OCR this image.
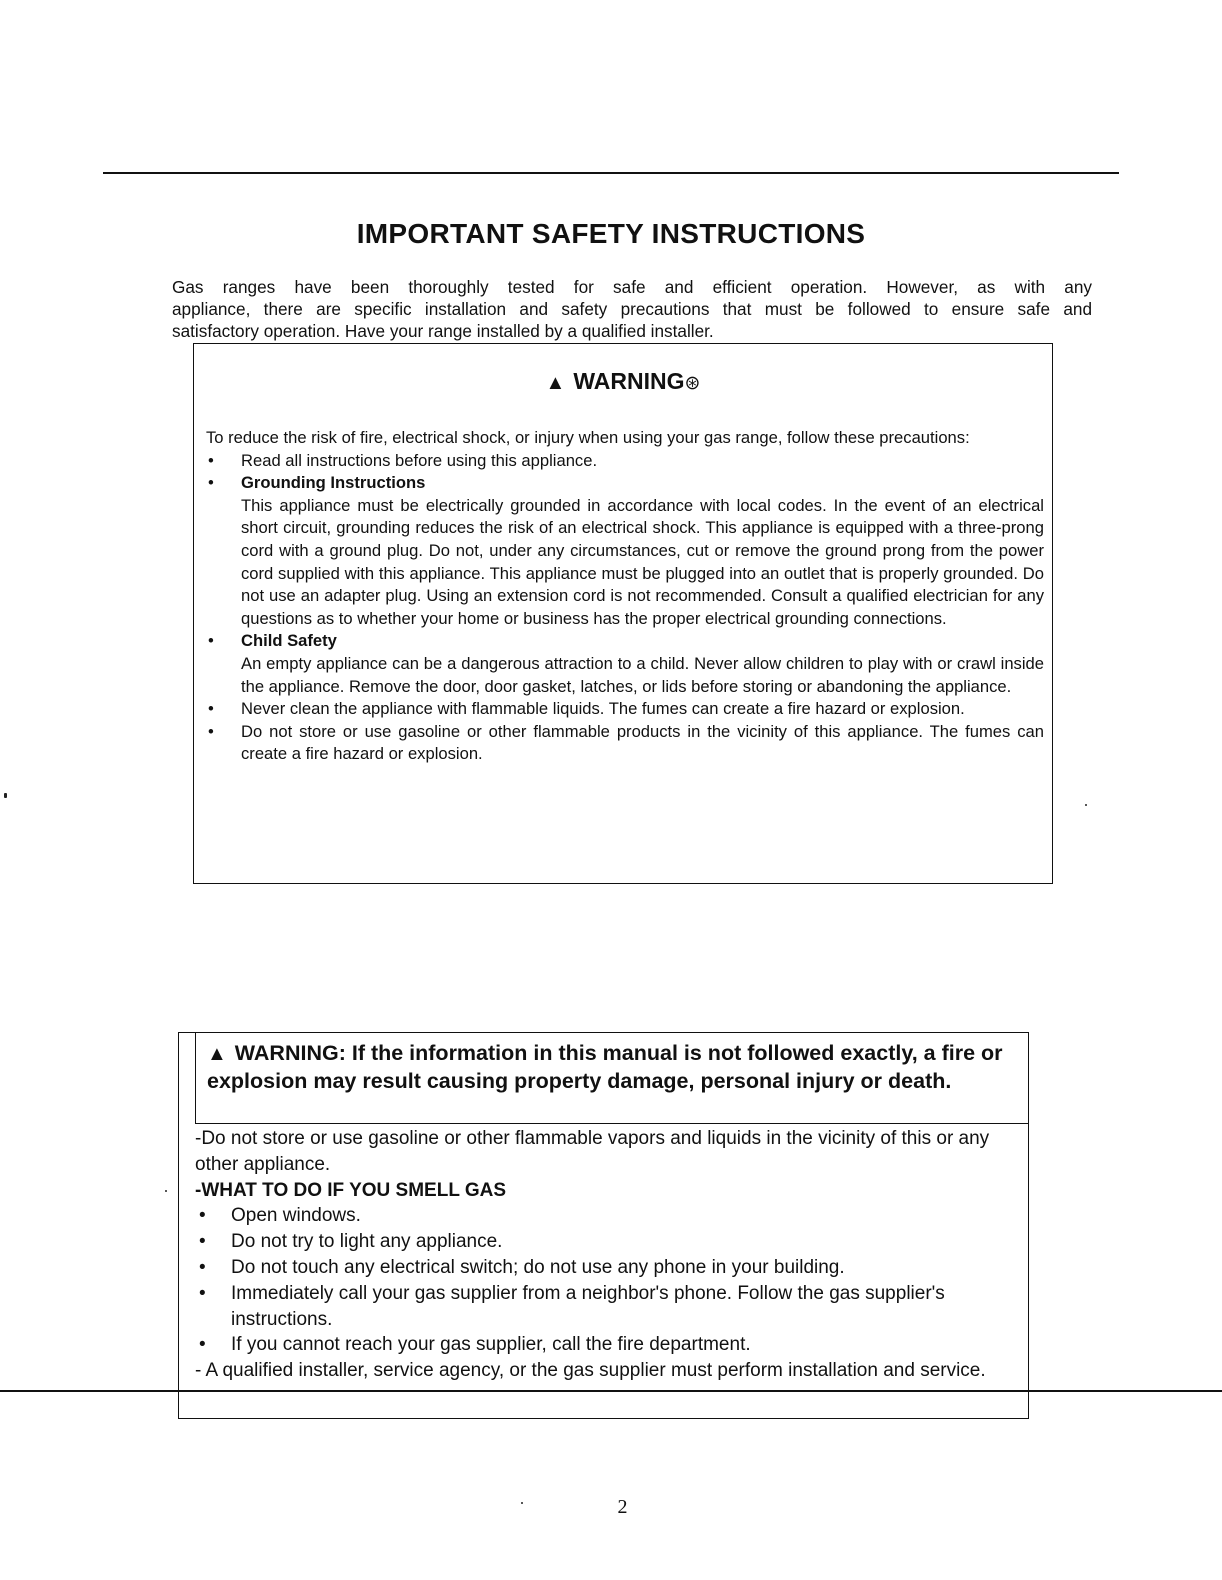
IMPORTANT SAFETY INSTRUCTIONS
Gas ranges have been thoroughly tested for safe and efficient operation. However, as with any
appliance, there are specific installation and safety precautions that must be followed to ensure safe and
satisfactory operation. Have your range installed by a qualified installer.
▲ WARNING⊛
To reduce the risk of fire, electrical shock, or injury when using your gas range, follow these precautions:
• Read all instructions before using this appliance.
• Grounding Instructions
This appliance must be electrically grounded in accordance with local codes. In the event of an electrical short circuit, grounding reduces the risk of an electrical shock. This appliance is equipped with a three-prong cord with a ground plug. Do not, under any circumstances, cut or remove the ground prong from the power cord supplied with this appliance. This appliance must be plugged into an outlet that is properly grounded. Do not use an adapter plug. Using an extension cord is not recommended. Consult a qualified electrician for any questions as to whether your home or business has the proper electrical grounding connections.
• Child Safety
An empty appliance can be a dangerous attraction to a child. Never allow children to play with or crawl inside the appliance. Remove the door, door gasket, latches, or lids before storing or abandoning the appliance.
• Never clean the appliance with flammable liquids. The fumes can create a fire hazard or explosion.
• Do not store or use gasoline or other flammable products in the vicinity of this appliance. The fumes can create a fire hazard or explosion.
▲ WARNING: If the information in this manual is not followed exactly, a fire or explosion may result causing property damage, personal injury or death.
-Do not store or use gasoline or other flammable vapors and liquids in the vicinity of this or any other appliance.
-WHAT TO DO IF YOU SMELL GAS
• Open windows.
• Do not try to light any appliance.
• Do not touch any electrical switch; do not use any phone in your building.
• Immediately call your gas supplier from a neighbor's phone. Follow the gas supplier's instructions.
• If you cannot reach your gas supplier, call the fire department.
- A qualified installer, service agency, or the gas supplier must perform installation and service.
2
